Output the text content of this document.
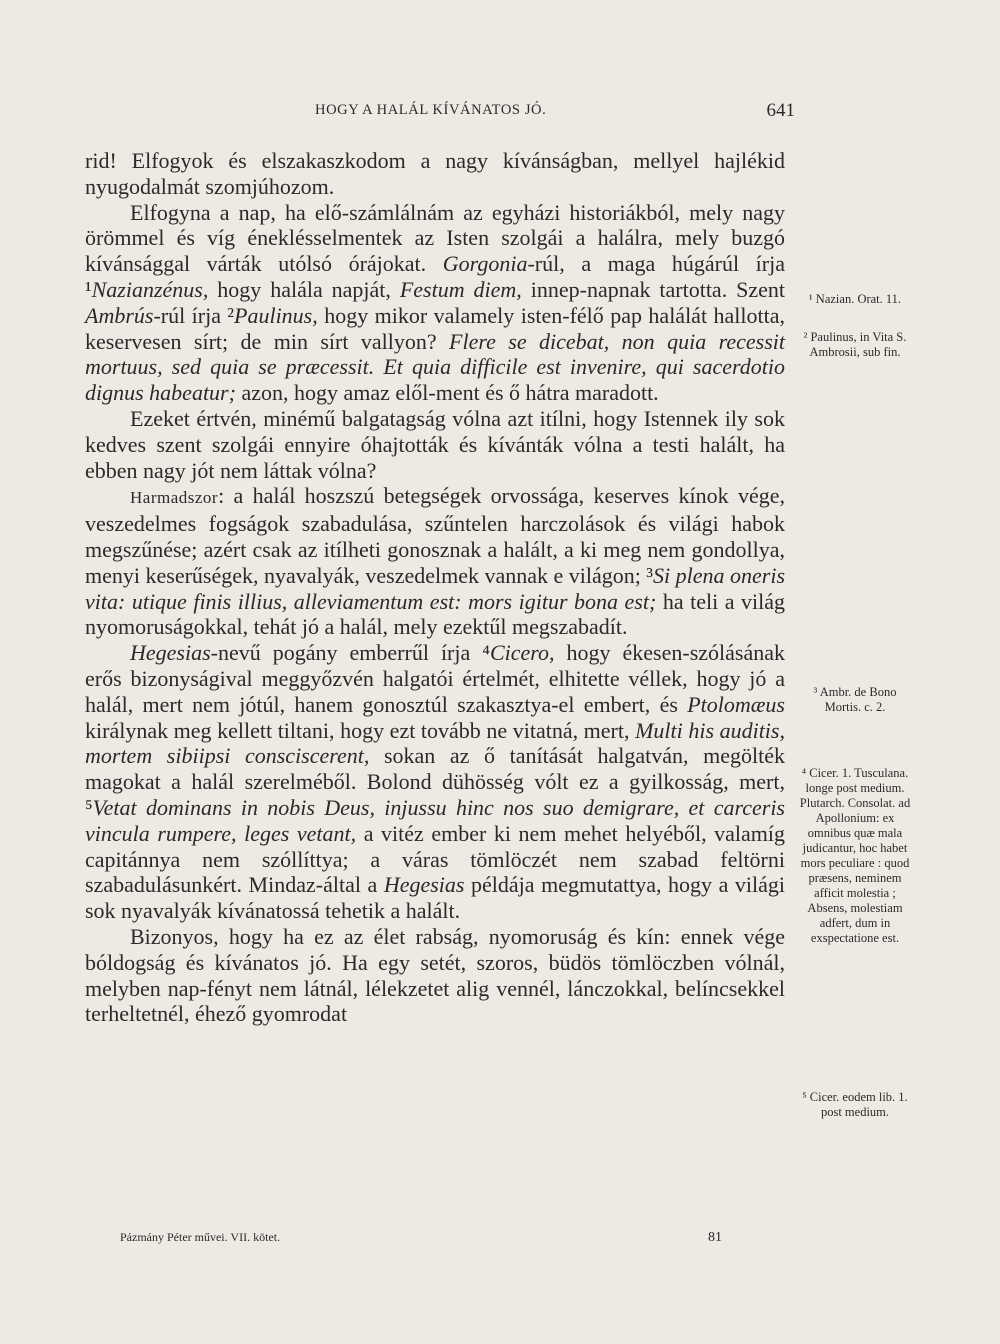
HOGY A HALÁL KÍVÁNATOS JÓ.	641

rid! Elfogyok és elszakaszkodom a nagy kívánságban, mellyel hajlékid nyugodalmát szomjúhozom.

Elfogyna a nap, ha elő-számlálnám az egyházi historiákból, mely nagy örömmel és víg éneklésselmentek az Isten szolgái a halálra, mely buzgó kívánsággal várták utólsó órájokat. Gorgonia-rúl, a maga húgárúl írja ¹Nazianzénus, hogy halála napját, Festum diem, innep-napnak tartotta. Szent Ambrús-rúl írja ²Paulinus, hogy mikor valamely isten-félő pap halálát hallotta, keservesen sírt; de min sírt vallyon? Flere se dicebat, non quia recessit mortuus, sed quia se præcessit. Et quia difficile est invenire, qui sacerdotio dignus habeatur; azon, hogy amaz elől-ment és ő hátra maradott.

Ezeket értvén, minémű balgatagság vólna azt itílni, hogy Istennek ily sok kedves szent szolgái ennyire óhajtották és kívánták vólna a testi halált, ha ebben nagy jót nem láttak vólna?

Harmadszor: a halál hoszszú betegségek orvossága, keserves kínok vége, veszedelmes fogságok szabadulása, szűntelen harczolások és világi habok megszűnése; azért csak az itílheti gonosznak a halált, a ki meg nem gondollya, menyi keserűségek, nyavalyák, veszedelmek vannak e világon; ³Si plena oneris vita: utique finis illius, alleviamentum est: mors igitur bona est; ha teli a világ nyomoruságokkal, tehát jó a halál, mely ezektűl megszabadít.

Hegesias-nevű pogány emberrűl írja ⁴Cicero, hogy ékesen-szólásának erős bizonyságival meggyőzvén halgatói értelmét, elhitette véllek, hogy jó a halál, mert nem jótúl, hanem gonosztúl szakasztya-el embert, és Ptolomæus királynak meg kellett tiltani, hogy ezt tovább ne vitatná, mert, Multi his auditis, mortem sibiipsi consciscerent, sokan az ő tanítását halgatván, megölték magokat a halál szerelméből. Bolond dühösség vólt ez a gyilkosság, mert, ⁵Vetat dominans in nobis Deus, injussu hinc nos suo demigrare, et carceris vincula rumpere, leges vetant, a vitéz ember ki nem mehet helyéből, valamíg capitánnya nem szóllíttya; a váras tömlöczét nem szabad feltörni szabadulásunkért. Mindaz-által a Hegesias példája megmutattya, hogy a világi sok nyavalyák kívánatossá tehetik a halált.

Bizonyos, hogy ha ez az élet rabság, nyomoruság és kín: ennek vége bóldogság és kívánatos jó. Ha egy setét, szoros, büdös tömlöczben vólnál, melyben nap-fényt nem látnál, lélekzetet alig vennél, lánczokkal, belíncsekkel terheltetnél, éhező gyomrodat

¹ Nazian. Orat. 11.
² Paulinus, in Vita S. Ambrosii, sub fin.
³ Ambr. de Bono Mortis. c. 2.
⁴ Cicer. 1. Tusculana. longe post medium. Plutarch. Consolat. ad Apollonium: ex omnibus quæ mala judicantur, hoc habet mors peculiare : quod præsens, neminem afficit molestia ; Absens, molestiam adfert, dum in exspectatione est.
⁵ Cicer. eodem lib. 1. post medium.
Pázmány Péter művei. VII. kötet.	81
